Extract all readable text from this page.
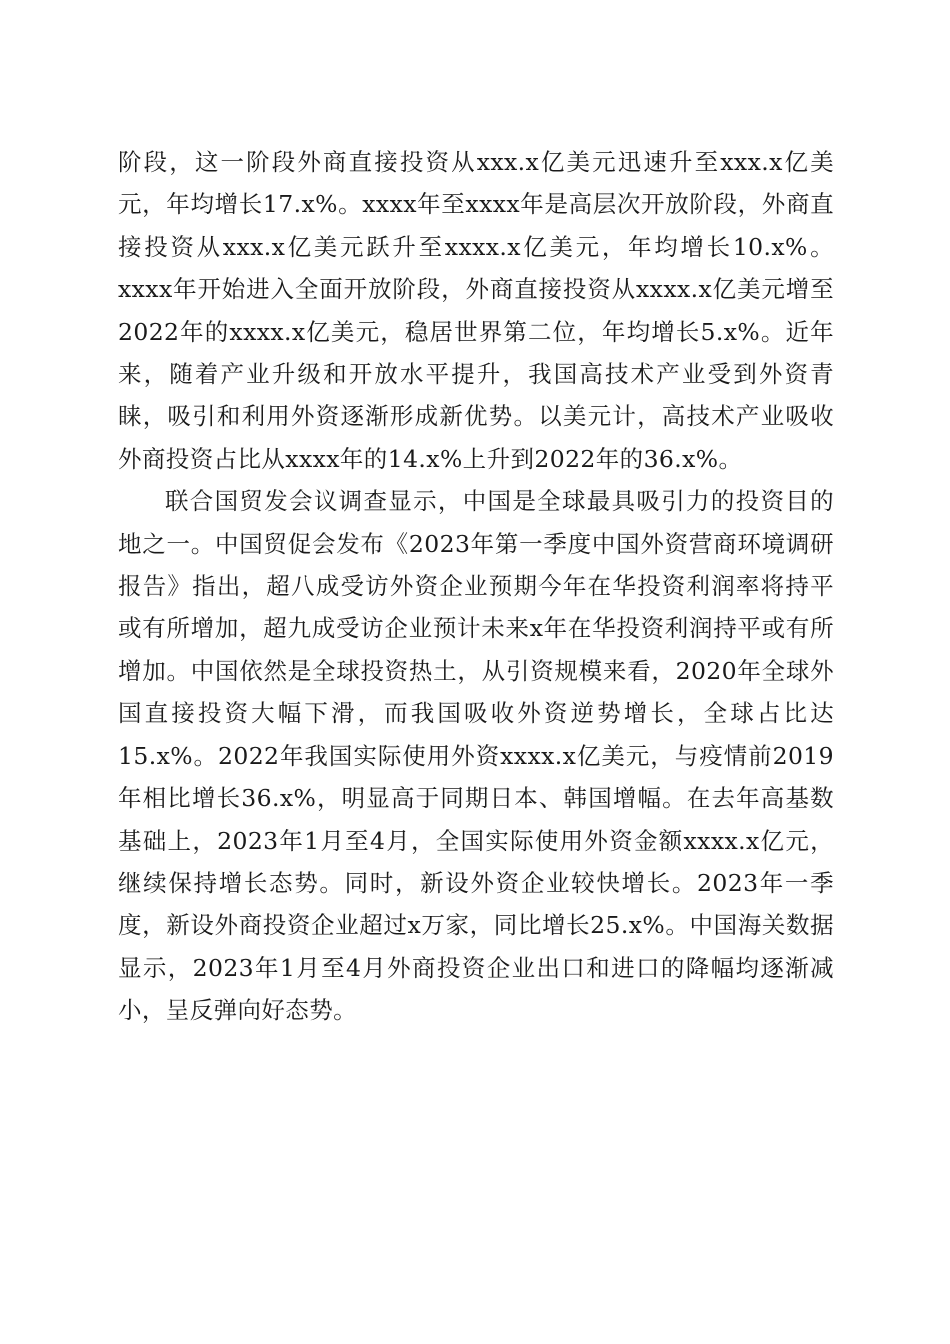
阶段，这一阶段外商直接投资从xxx.x亿美元迅速升至xxx.x亿美元，年均增长17.x%。xxxx年至xxxx年是高层次开放阶段，外商直接投资从xxx.x亿美元跃升至xxxx.x亿美元，年均增长10.x%。xxxx年开始进入全面开放阶段，外商直接投资从xxxx.x亿美元增至2022年的xxxx.x亿美元，稳居世界第二位，年均增长5.x%。近年来，随着产业升级和开放水平提升，我国高技术产业受到外资青睐，吸引和利用外资逐渐形成新优势。以美元计，高技术产业吸收外商投资占比从xxxx年的14.x%上升到2022年的36.x%。

联合国贸发会议调查显示，中国是全球最具吸引力的投资目的地之一。中国贸促会发布《2023年第一季度中国外资营商环境调研报告》指出，超八成受访外资企业预期今年在华投资利润率将持平或有所增加，超九成受访企业预计未来x年在华投资利润持平或有所增加。中国依然是全球投资热土，从引资规模来看，2020年全球外国直接投资大幅下滑，而我国吸收外资逆势增长，全球占比达15.x%。2022年我国实际使用外资xxxx.x亿美元，与疫情前2019年相比增长36.x%，明显高于同期日本、韩国增幅。在去年高基数基础上，2023年1月至4月，全国实际使用外资金额xxxx.x亿元，继续保持增长态势。同时，新设外资企业较快增长。2023年一季度，新设外商投资企业超过x万家，同比增长25.x%。中国海关数据显示，2023年1月至4月外商投资企业出口和进口的降幅均逐渐减小，呈反弹向好态势。
